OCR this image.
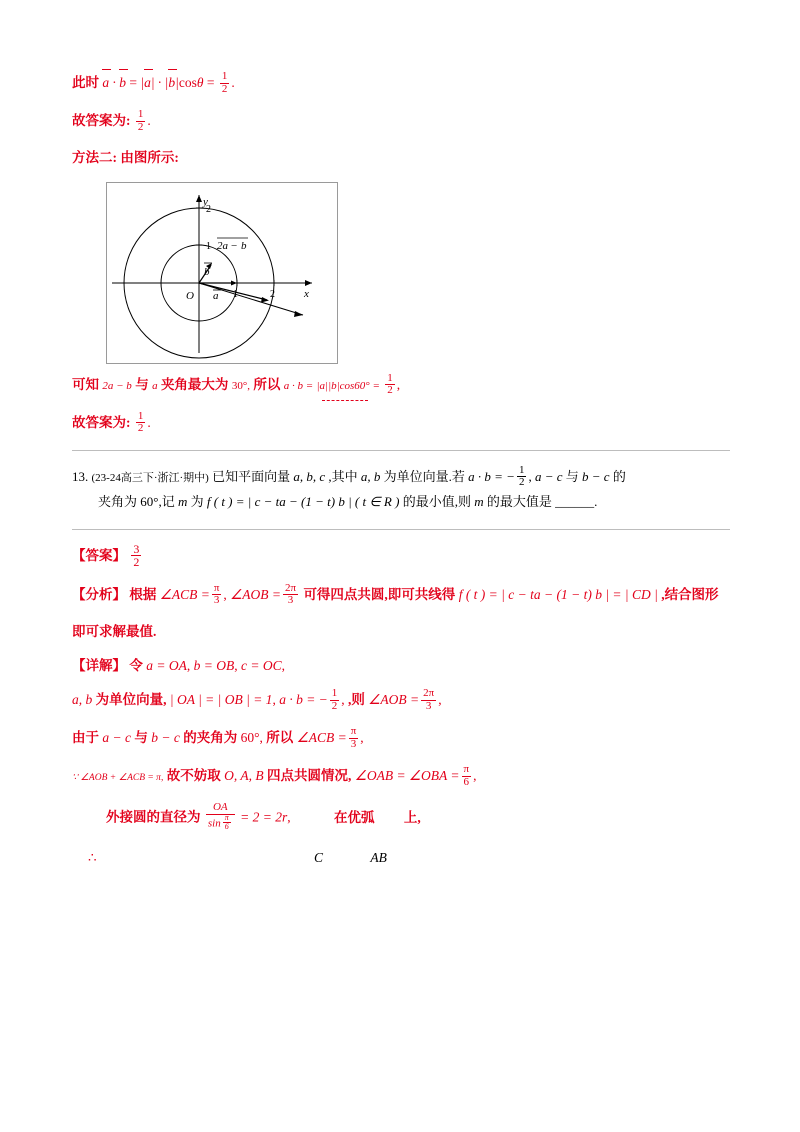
此时 $a \cdot b = |a| \cdot |b|\cos\theta = \frac{1}{2}$ .
故答案为: $\frac{1}{2}$ .
方法二: 由图所示:
y
2
1
x
O	1	2
2a − b
b
a
可知 2a − b 与 a 夹角最大为 30°, 所以 $a \cdot b = |a||b|\cos 60^\circ = \frac{1}{2}$ ,
故答案为: $\frac{1}{2}$ .
13. (23-24高三下·浙江·期中) 已知平面向量 a, b, c ,其中 a, b 为单位向量.若 a · b = − $\frac{1}{2}$ , a − c 与 b − c 的
夹角为 60°,记 m 为 f ( t ) = | c − ta − (1 − t) b | ( t ∈ R ) 的最小值,则 m 的最大值是 ______.
【答案】 $\frac{3}{2}$
【分析】 根据 ∠ACB = $\frac{\pi}{3}$ , ∠AOB = $\frac{2\pi}{3}$ 可得四点共圆,即可共线得 f ( t ) = | c − ta − (1 − t) b | = | CD | ,结合图形
即可求解最值.
【详解】 令 a = OA, b = OB, c = OC,
a, b 为单位向量, | OA | = | OB | = 1, a · b = − $\frac{1}{2}$ , ,则 ∠AOB = $\frac{2\pi}{3}$ ,
由于 a − c 与 b − c 的夹角为 60°, 所以 ∠ACB = $\frac{\pi}{3}$ ,
∵ ∠AOB + ∠ACB = π, 故不妨取 O, A, B 四点共圆情况, ∠OAB = ∠OBA = $\frac{\pi}{6}$ ,
外接圆的直径为 $\frac{OA}{\sin \frac{\pi}{6}} = 2 = 2r$,	在优弧 上,
∴	C	AB
